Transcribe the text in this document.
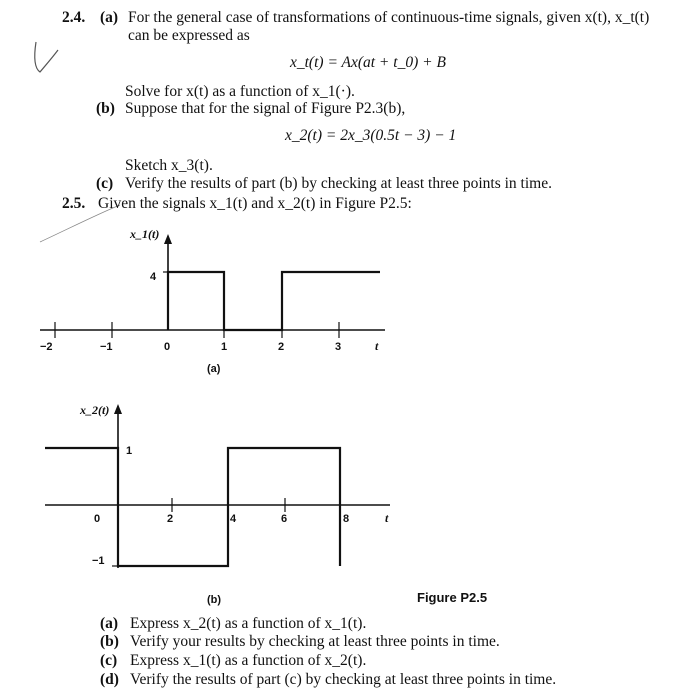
2.4. (a) For the general case of transformations of continuous-time signals, given x(t), x_t(t)
can be expressed as
x_t(t) = Ax(at + t_0) + B
Solve for x(t) as a function of x_1(·).
(b) Suppose that for the signal of Figure P2.3(b),
x_2(t) = 2x_3(0.5t − 3) − 1
Sketch x_3(t).
(c) Verify the results of part (b) by checking at least three points in time.
2.5. Given the signals x_1(t) and x_2(t) in Figure P2.5:
x_1(t)
4
−2	−1	0	1	2	3	t
(a)
x_2(t)
1
−1
0	2	4	6	8	t
(b)	Figure P2.5
(a) Express x_2(t) as a function of x_1(t).
(b) Verify your results by checking at least three points in time.
(c) Express x_1(t) as a function of x_2(t).
(d) Verify the results of part (c) by checking at least three points in time.
